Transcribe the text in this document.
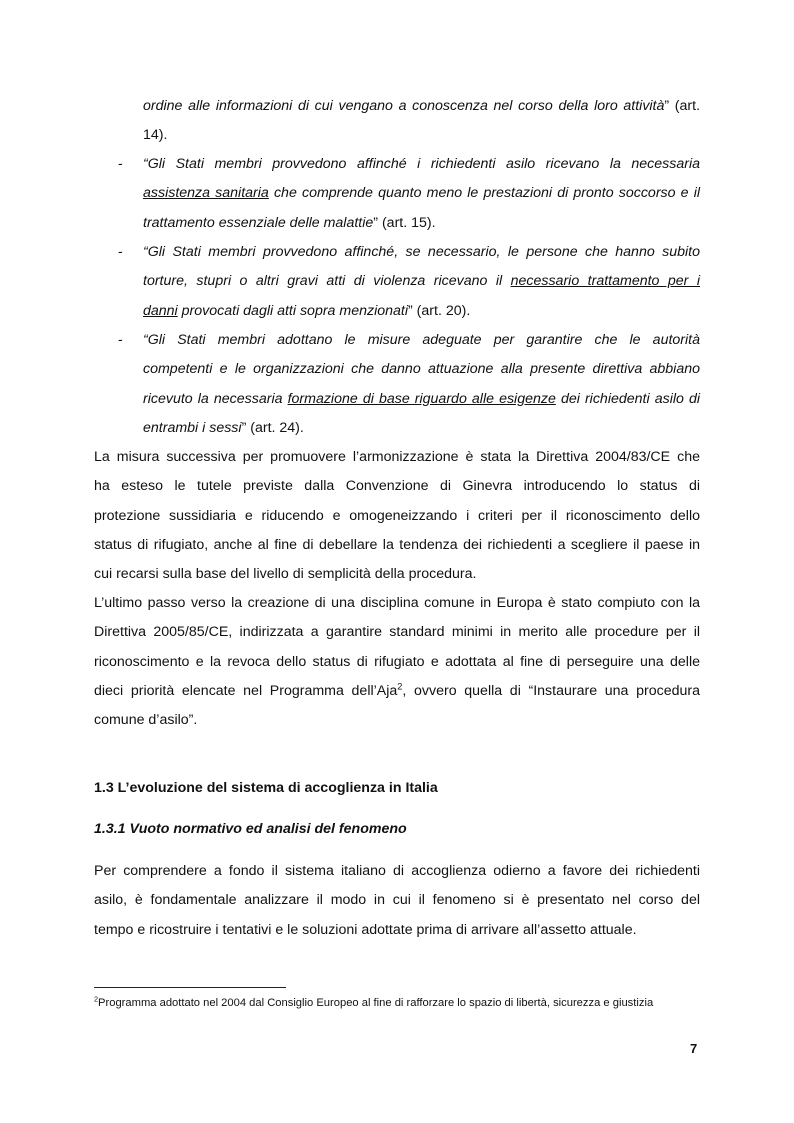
ordine alle informazioni di cui vengano a conoscenza nel corso della loro attività” (art.
14).
- “Gli Stati membri provvedono affinché i richiedenti asilo ricevano la necessaria
assistenza sanitaria che comprende quanto meno le prestazioni di pronto soccorso e il
trattamento essenziale delle malattie” (art. 15).
- “Gli Stati membri provvedono affinché, se necessario, le persone che hanno subito
torture, stupri o altri gravi atti di violenza ricevano il necessario trattamento per i
danni provocati dagli atti sopra menzionati” (art. 20).
- “Gli Stati membri adottano le misure adeguate per garantire che le autorità
competenti e le organizzazioni che danno attuazione alla presente direttiva abbiano
ricevuto la necessaria formazione di base riguardo alle esigenze dei richiedenti asilo di
entrambi i sessi” (art. 24).
La misura successiva per promuovere l’armonizzazione è stata la Direttiva 2004/83/CE che
ha esteso le tutele previste dalla Convenzione di Ginevra introducendo lo status di
protezione sussidiaria e riducendo e omogeneizzando i criteri per il riconoscimento dello
status di rifugiato, anche al fine di debellare la tendenza dei richiedenti a scegliere il paese in
cui recarsi sulla base del livello di semplicità della procedura.
L’ultimo passo verso la creazione di una disciplina comune in Europa è stato compiuto con la
Direttiva 2005/85/CE, indirizzata a garantire standard minimi in merito alle procedure per il
riconoscimento e la revoca dello status di rifugiato e adottata al fine di perseguire una delle
dieci priorità elencate nel Programma dell’Aja$^2$, ovvero quella di “Instaurare una procedura
comune d’asilo”.
1.3 L’evoluzione del sistema di accoglienza in Italia
1.3.1 Vuoto normativo ed analisi del fenomeno
Per comprendere a fondo il sistema italiano di accoglienza odierno a favore dei richiedenti
asilo, è fondamentale analizzare il modo in cui il fenomeno si è presentato nel corso del
tempo e ricostruire i tentativi e le soluzioni adottate prima di arrivare all’assetto attuale.
$^2$Programma adottato nel 2004 dal Consiglio Europeo al fine di rafforzare lo spazio di libertà, sicurezza e giustizia
7
